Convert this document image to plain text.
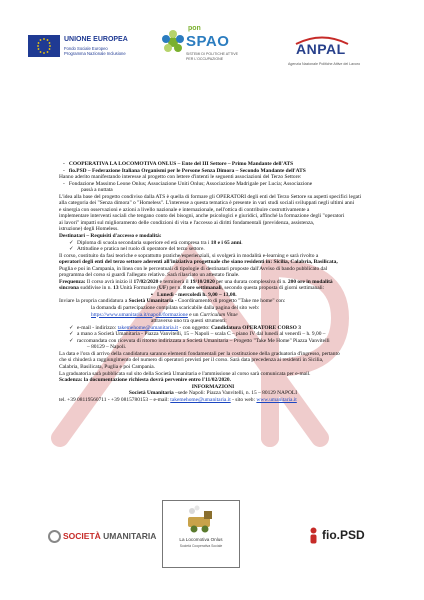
UNIONE EUROPEA
Fondo Sociale Europeo
Programma Nazionale Inclusione
pon
SPAO
SISTEMI DI POLITICHE ATTIVE
PER L'OCCUPAZIONE
ANPAL
Agenzia Nazionale Politiche Attive del Lavoro

-   COOPERATIVA LA LOCOMOTIVA ONLUS – Ente del III Settore – Primo Mandante dell'ATS

-   fio.PSD – Federazione Italiana Organismi per le Persone Senza Dimora – Secondo Mandante dell'ATS

Hanno aderito manifestando interesse al progetto con lettere d'intenti le seguenti associazioni del Terzo Settore:

-   Fondazione Massimo Leone Onlus; Associazione Uniti Onlus; Associazione Madrigale per Lucia; Associazione

passà a nuttata

L'idea alla base del progetto condiviso dalla ATS è quella di formare gli OPERATORI degli enti del Terzo Settore su aspetti specifici legati

alla categoria dei "Senza dimora" o "Homeless". L'interesse a questa tematica è presente in vari studi sociali sviluppati negli ultimi anni

e sinergia con osservazioni e azioni a livello nazionale e internazionale, nell'ottica di contribuire costruttivamente a

implementare interventi sociali che tengano conto dei bisogni, anche psicologici e giuridici, affinché la formazione degli "operatori

ai lavori" impatti sul miglioramento delle condizioni di vita e l'accesso ai diritti fondamentali (previdenza, assistenza,

istruzione) degli Homeless.

Destinatari – Requisiti d'accesso e modalità:

✓ Diploma di scuola secondaria superiore ed età compresa tra i 18 e i 65 anni.

✓ Attitudine e pratica nel ruolo di operatore del terzo settore.

Il corso, costituito da fasi teoriche e soprattutto pratiche/esperienziali, si svolgerà in modalità e-learning e sarà rivolto a

operatori degli enti del terzo settore aderenti all'iniziativa progettuale che siano residenti in: Sicilia, Calabria, Basilicata,

Puglia e poi in Campania, in linea con le percentuali di tipologie di destinatari proposte dall'Avviso di bando pubblicato dal

programma del corso si guardi l'allegato relativo. Sarà rilasciato un attestato finale.

Frequenza: Il corso avrà inizio il 17/02/2020 e terminerà il 19/10/2020 per una durata complessiva di n. 200 ore in modalità

sincrona suddivise in n. 13 Unità Formative (UF) per n. 8 ore settimanali, secondo questa proposta di giorni settimanali:

▪   Lunedì - mercoledì h. 9,00 – 13,00.

Inviare la propria candidatura a Società Umanitaria - Coordinamento di progetto "Take me home" con:

la domanda di partecipazione compilata scaricabile dalla pagina del sito web:

https://www.umanitaria.it/napoli/formazione e un Curriculum Vitae

attraverso uno tra questi strumenti:

✓ e-mail - indirizzo: takemehome@umanitaria.it - con oggetto: Candidatura OPERATORE CORSO 3

✓ a mano a Società Umanitaria - Piazza Vanvitelli, 15 – Napoli – scala C – piano IV dal lunedì al venerdì – h. 9,00 –

✓ raccomandata con ricevuta di ritorno indirizzata a Società Umanitaria – Progetto "Take Me Home" Piazza Vanvitelli

– 80129 – Napoli.

La data e l'ora di arrivo della candidatura saranno elementi fondamentali per la costituzione della graduatoria d'ingresso, pertanto

che si chiuderà a raggiungimento del numero di operatori previsti per il corso. Sarà data precedenza ai residenti in Sicilia,

Calabria, Basilicata, Puglia e poi Campania.

La graduatoria sarà pubblicata sul sito della Società Umanitaria e l'ammissione al corso sarà comunicata per e-mail.

Scadenza: la documentazione richiesta dovrà pervenire entro l'11/02/2020.

INFORMAZIONI

Società Umanitaria –sede Napoli: Piazza Vanvitelli, n. 15 – 80129 NAPOLI

tel. +39 08119560711 - +39 0815780153 – e-mail: takemehome@umanitaria.it - sito web: www.umanitaria.it

SOCIETÀ UMANITARIA	La Locomotiva Onlus
Società Cooperativa Sociale
fio.PSD
